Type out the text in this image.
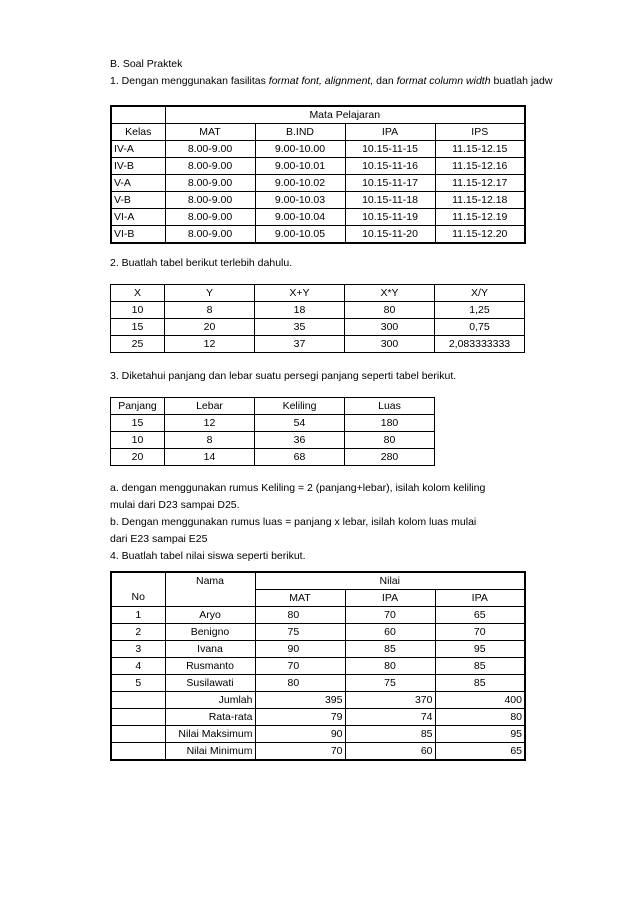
B. Soal Praktek
1. Dengan menggunakan fasilitas format font, alignment, dan format column width buatlah jadw
	Mata Pelajaran			
Kelas	MAT	B.IND	IPA	IPS
IV-A	8.00-9.00	9.00-10.00	10.15-11-15	11.15-12.15
IV-B	8.00-9.00	9.00-10.01	10.15-11-16	11.15-12.16
V-A	8.00-9.00	9.00-10.02	10.15-11-17	11.15-12.17
V-B	8.00-9.00	9.00-10.03	10.15-11-18	11.15-12.18
VI-A	8.00-9.00	9.00-10.04	10.15-11-19	11.15-12.19
VI-B	8.00-9.00	9.00-10.05	10.15-11-20	11.15-12.20
2. Buatlah tabel berikut terlebih dahulu.
X	Y	X+Y	X*Y	X/Y
10	8	18	80	1,25
15	20	35	300	0,75
25	12	37	300	2,083333333
3. Diketahui panjang dan lebar suatu persegi panjang seperti tabel berikut.
Panjang	Lebar	Keliling	Luas
15	12	54	180
10	8	36	80
20	14	68	280
a. dengan menggunakan rumus Keliling = 2 (panjang+lebar), isilah kolom keliling
mulai dari D23 sampai D25.
b. Dengan menggunakan rumus luas = panjang x lebar, isilah kolom luas mulai
dari E23 sampai E25
4. Buatlah tabel nilai siswa seperti berikut.
	Nama	Nilai		
No		MAT	IPA	IPA
1	Aryo	80	70	65
2	Benigno	75	60	70
3	Ivana	90	85	95
4	Rusmanto	70	80	85
5	Susilawati	80	75	85
	Jumlah	395	370	400
	Rata-rata	79	74	80
	Nilai Maksimum	90	85	95
	Nilai Minimum	70	60	65
